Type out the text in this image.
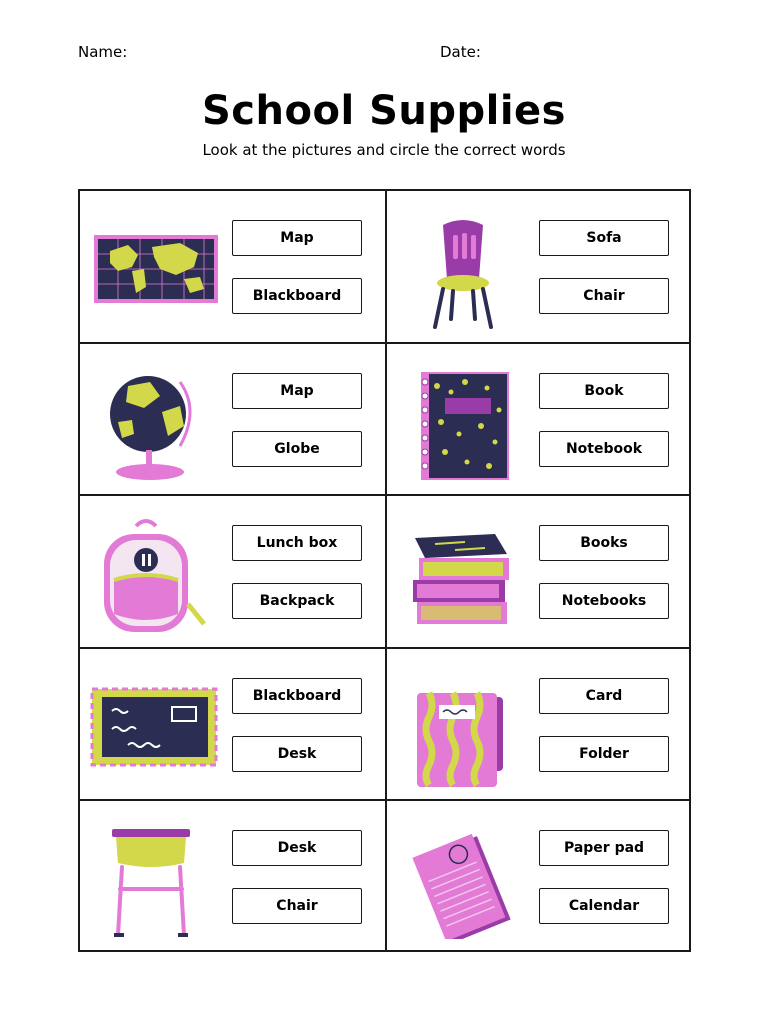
Name:	Date:
School Supplies
Look at the pictures and circle the correct words
Map
Blackboard
Sofa
Chair
Map
Globe
Book
Notebook
Lunch box
Backpack
Books
Notebooks
Blackboard
Desk
Card
Folder
Desk
Chair
Paper pad
Calendar
